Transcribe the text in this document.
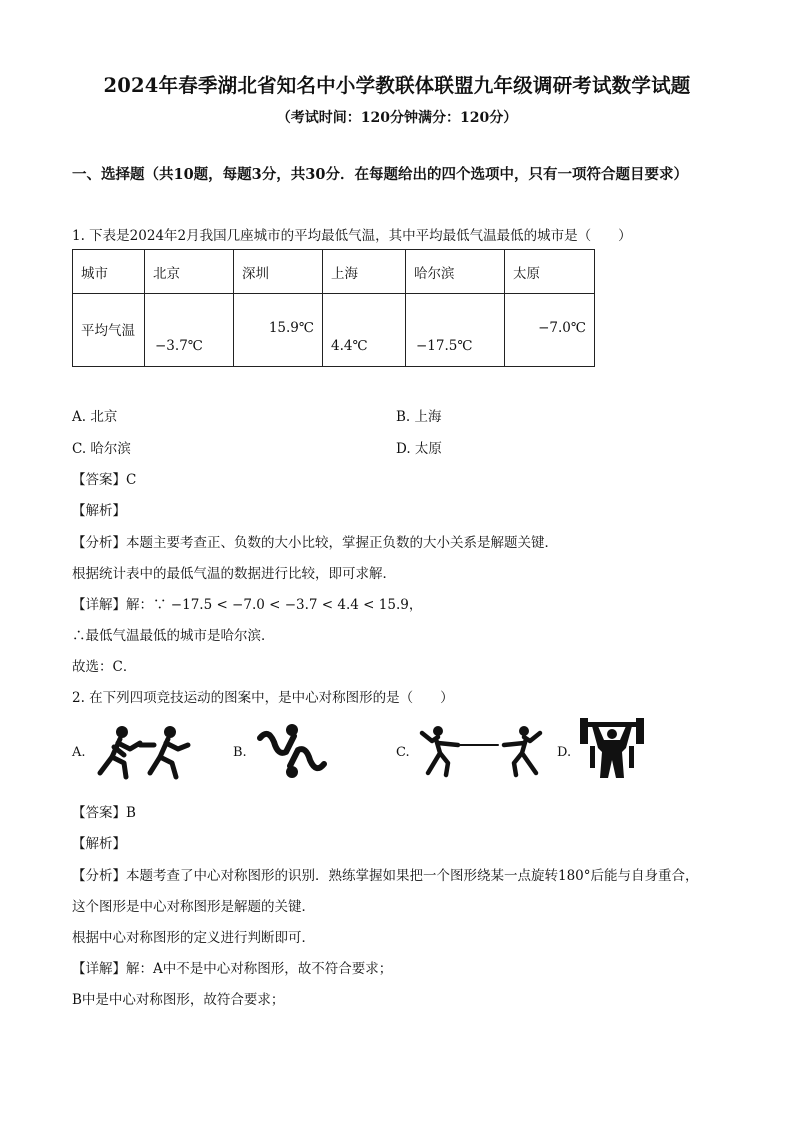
2024年春季湖北省知名中小学教联体联盟九年级调研考试数学试题
（考试时间：120分钟满分：120分）
一、选择题（共10题，每题3分，共30分．在每题给出的四个选项中，只有一项符合题目要求）
1. 下表是2024年2月我国几座城市的平均最低气温，其中平均最低气温最低的城市是（　　）
城市	北京	深圳	上海	哈尔滨	太原

平均气温	−3.7℃	15.9℃	4.4℃	−17.5℃	−7.0℃
A. 北京	B. 上海
C. 哈尔滨	D. 太原
【答案】C
【解析】
【分析】本题主要考查正、负数的大小比较，掌握正负数的大小关系是解题关键．
根据统计表中的最低气温的数据进行比较，即可求解．
【详解】解：∵ −17.5 < −7.0 < −3.7 < 4.4 < 15.9，
∴最低气温最低的城市是哈尔滨．
故选：C．
2. 在下列四项竞技运动的图案中，是中心对称图形的是（　　）
A.	B.	C.	D.
【答案】B
【解析】
【分析】本题考查了中心对称图形的识别．熟练掌握如果把一个图形绕某一点旋转180°后能与自身重合，
这个图形是中心对称图形是解题的关键．
根据中心对称图形的定义进行判断即可．
【详解】解：A中不是中心对称图形，故不符合要求；
B中是中心对称图形，故符合要求；
